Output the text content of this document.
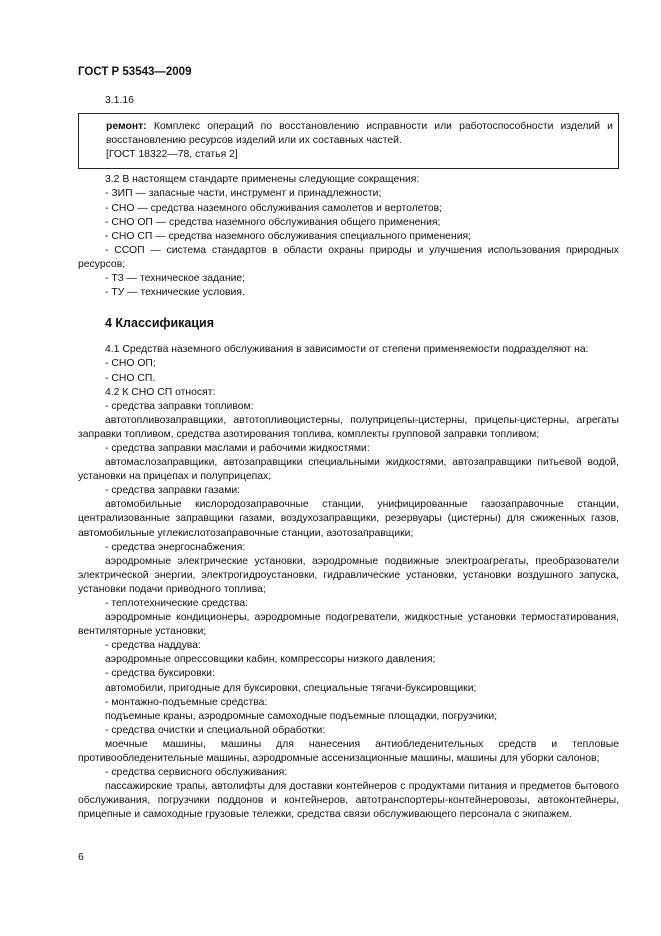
ГОСТ Р 53543—2009

3.1.16

ремонт: Комплекс операций по восстановлению исправности или работоспособности изделий и восстановлению ресурсов изделий или их составных частей.

[ГОСТ 18322—78, статья 2]

3.2 В настоящем стандарте применены следующие сокращения:

- ЗИП — запасные части, инструмент и принадлежности;

- СНО — средства наземного обслуживания самолетов и вертолетов;

- СНО ОП — средства наземного обслуживания общего применения;

- СНО СП — средства наземного обслуживания специального применения;

- ССОП — система стандартов в области охраны природы и улучшения использования природных ресурсов;

- ТЗ — техническое задание;

- ТУ — технические условия.

4 Классификация

4.1 Средства наземного обслуживания в зависимости от степени применяемости подразделяют на:

- СНО ОП;

- СНО СП.

4.2 К СНО СП относят:

- средства заправки топливом:

автотопливозаправщики, автотопливоцистерны, полуприцепы-цистерны, прицепы-цистерны, агрегаты заправки топливом, средства азотирования топлива, комплекты групповой заправки топливом;

- средства заправки маслами и рабочими жидкостями:

автомаслозаправщики, автозаправщики специальными жидкостями, автозаправщики питьевой водой, установки на прицепах и полуприцепах;

- средства заправки газами:

автомобильные кислородозаправочные станции, унифицированные газозаправочные станции, централизованные заправщики газами, воздухозаправщики, резервуары (цистерны) для сжиженных газов, автомобильные углекислотозаправочные станции, азотозаправщики;

- средства энергоснабжения:

аэродромные электрические установки, аэродромные подвижные электроагрегаты, преобразователи электрической энергии, электрогидроустановки, гидравлические установки, установки воздушного запуска, установки подачи приводного топлива;

- теплотехнические средства:

аэродромные кондиционеры, аэродромные подогреватели, жидкостные установки термостатирования, вентиляторные установки;

- средства наддува:

аэродромные опрессовщики кабин, компрессоры низкого давления;

- средства буксировки:

автомобили, пригодные для буксировки, специальные тягачи-буксировщики;

- монтажно-подъемные средства:

подъемные краны, аэродромные самоходные подъемные площадки, погрузчики;

- средства очистки и специальной обработки:

моечные машины, машины для нанесения антиобледенительных средств и тепловые противообледенительные машины, аэродромные ассенизационные машины, машины для уборки салонов;

- средства сервисного обслуживания:

пассажирские трапы, автолифты для доставки контейнеров с продуктами питания и предметов бытового обслуживания, погрузчики поддонов и контейнеров, автотранспортеры-контейнеровозы, автоконтейнеры, прицепные и самоходные грузовые тележки, средства связи обслуживающего персонала с экипажем.

6
